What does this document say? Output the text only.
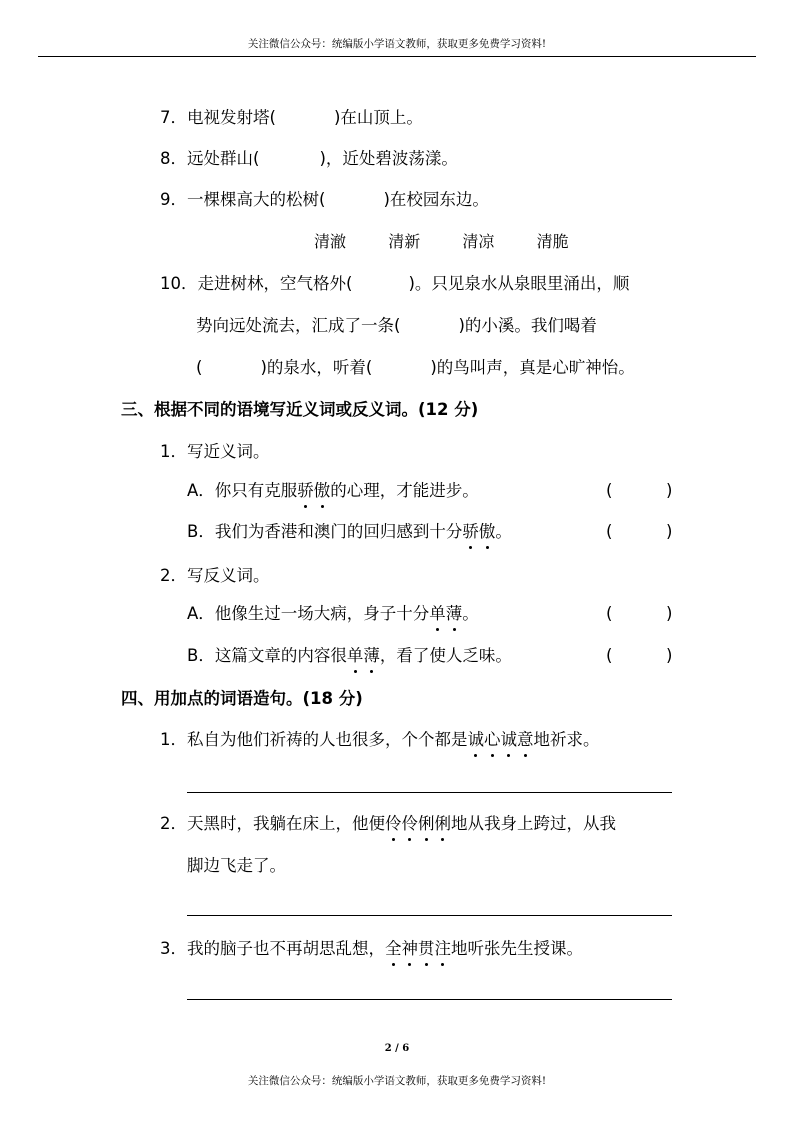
关注微信公众号：统编版小学语文教师，获取更多免费学习资料!
7．电视发射塔(	)在山顶上。
8．远处群山(	)，近处碧波荡漾。
9．一棵棵高大的松树(	)在校园东边。
清澈	清新	清凉	清脆
10．走进树林，空气格外(	)。只见泉水从泉眼里涌出，顺
势向远处流去，汇成了一条(	)的小溪。我们喝着
(	)的泉水，听着(	)的鸟叫声，真是心旷神怡。
三、根据不同的语境写近义词或反义词。(12 分)
1．写近义词。
A．你只有克服骄傲的心理，才能进步。	(	)
B．我们为香港和澳门的回归感到十分骄傲。	(	)
2．写反义词。
A．他像生过一场大病，身子十分单薄。	(	)
B．这篇文章的内容很单薄，看了使人乏味。	(	)
四、用加点的词语造句。(18 分)
1．私自为他们祈祷的人也很多，个个都是诚心诚意地祈求。
2．天黑时，我躺在床上，他便伶伶俐俐地从我身上跨过，从我
脚边飞走了。
3．我的脑子也不再胡思乱想，全神贯注地听张先生授课。
2 / 6
关注微信公众号：统编版小学语文教师，获取更多免费学习资料!
